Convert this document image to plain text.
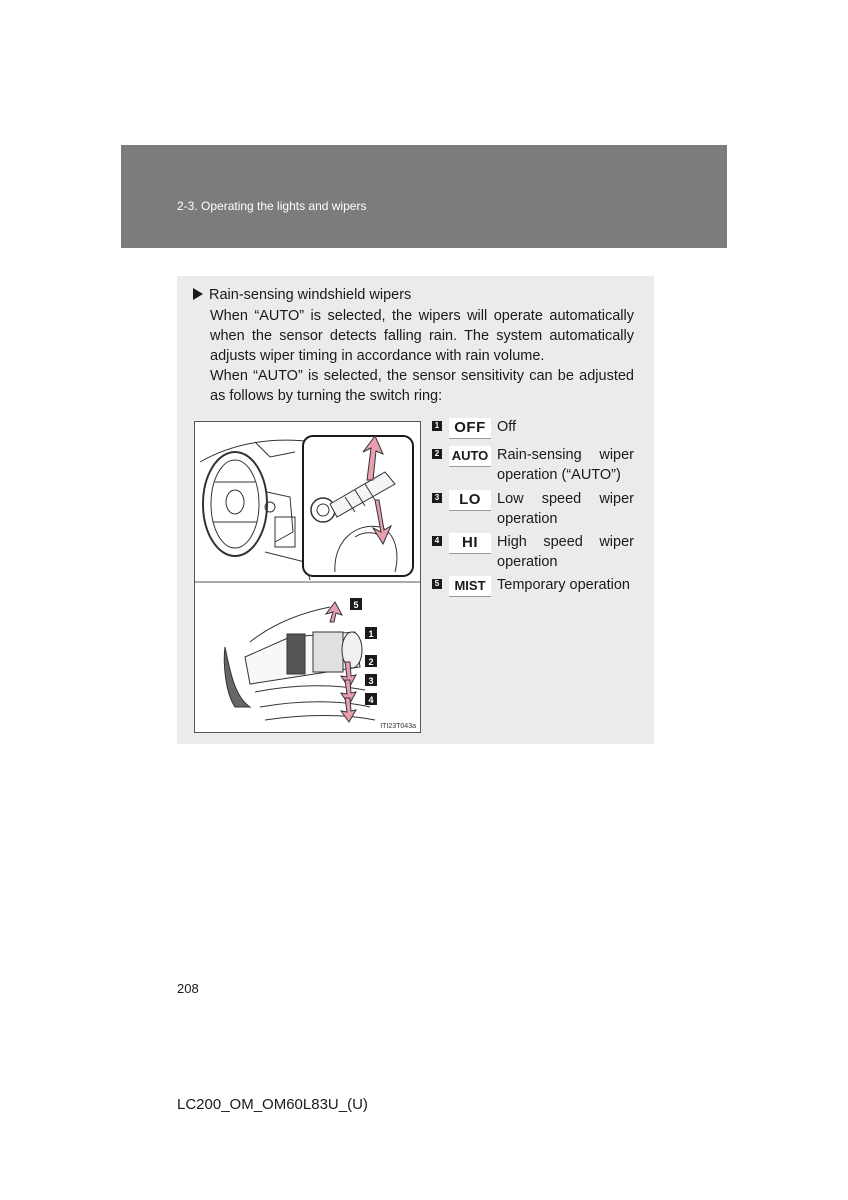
2-3. Operating the lights and wipers
Rain-sensing windshield wipers

When “AUTO” is selected, the wipers will operate automatically when the sensor detects falling rain. The system automatically adjusts wiper timing in accordance with rain volume.

When “AUTO” is selected, the sensor sensitivity can be adjusted as follows by turning the switch ring:

5
1
2
3
4
ITI23T043a
1	OFF Off
2 AUTO Rain-sensing wiper operation (“AUTO”)
3	LO	Low speed wiper operation
4	HI	High speed wiper operation
5	MIST Temporary operation
208
LC200_OM_OM60L83U_(U)
